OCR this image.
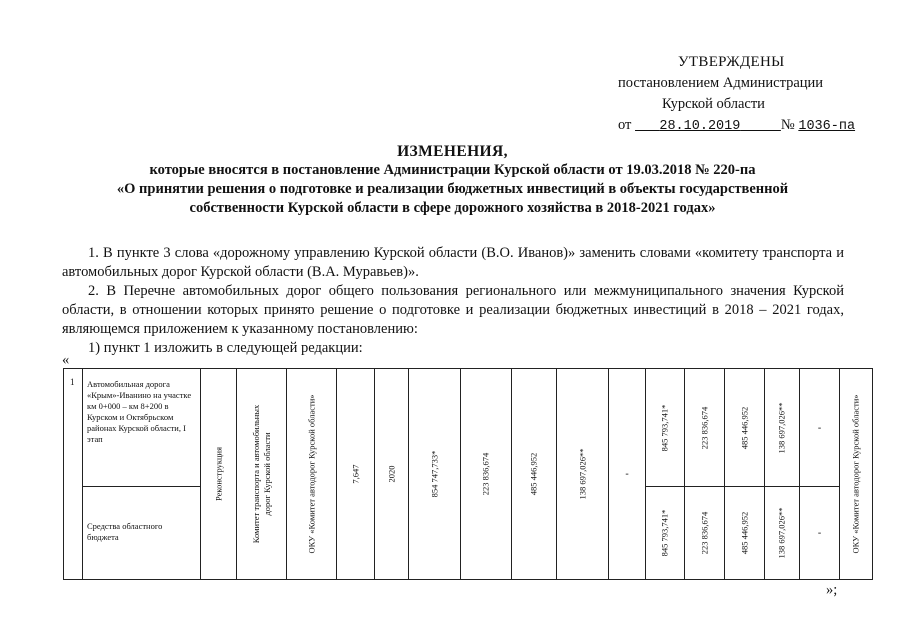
УТВЕРЖДЕНЫ
постановлением Администрации
Курской области
от 28.10.2019	№ 1036-па
ИЗМЕНЕНИЯ,
которые вносятся в постановление Администрации Курской области от 19.03.2018 № 220-па
«О принятии решения о подготовке и реализации бюджетных инвестиций в объекты государственной собственности Курской области в сфере дорожного хозяйства в 2018-2021 годах»

1. В пункте 3 слова «дорожному управлению Курской области (В.О. Иванов)» заменить словами «комитету транспорта и автомобильных дорог Курской области (В.А. Муравьев)».

2. В Перечне автомобильных дорог общего пользования регионального или межмуниципального значения Курской области, в отношении которых принято решение о подготовке и реализации бюджетных инвестиций в 2018 – 2021 годах, являющемся приложением к указанному постановлению:

1) пункт 1 изложить в следующей редакции:

«
1	Автомобильная дорога «Крым»-Иванино на участке км 0+000 – км 8+200 в Курском и Октябрьском районах Курской области, I этап	Реконструкция	Комитет транспорта и автомобильных дорог Курской области	ОКУ «Комитет автодорог Курской области»	7,647	2020	854 747,733*	223 836,674	485 446,952	138 697,026**	-	845 793,741*	223 836,674	485 446,952	138 697,026**	-	ОКУ «Комитет автодорог Курской области»

	Средства областного бюджета											845 793,741*	223 836,674	485 446,952	138 697,026**	-	
»;
